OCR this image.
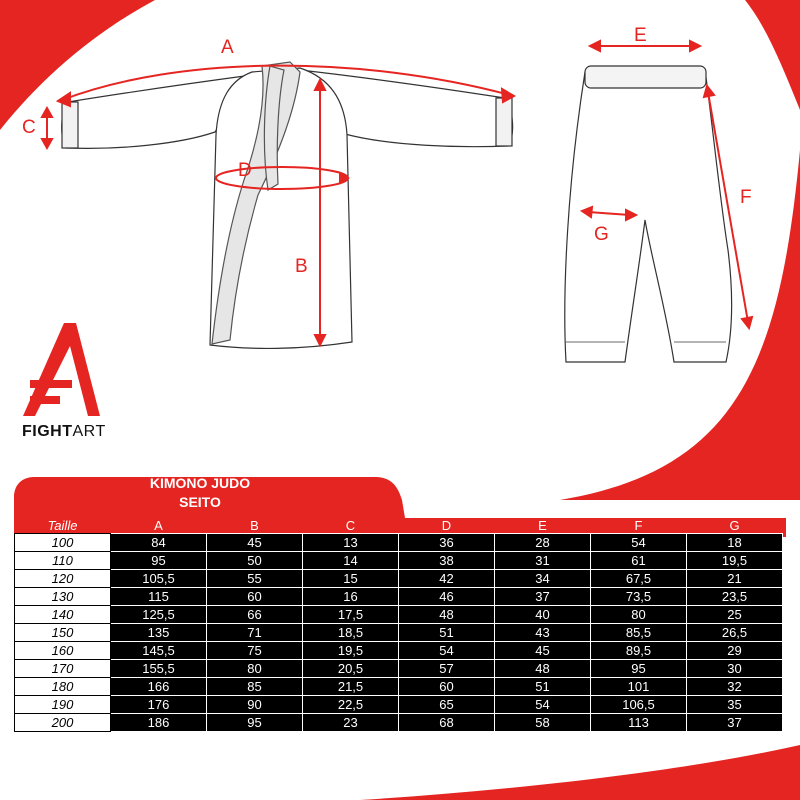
A
B
C
D
E
F
G
FIGHTART
KIMONO JUDO
SEITO
Taille	A	B	C	D	E	F	G
100	84	45	13	36	28	54	18
110	95	50	14	38	31	61	19,5
120	105,5	55	15	42	34	67,5	21
130	115	60	16	46	37	73,5	23,5
140	125,5	66	17,5	48	40	80	25
150	135	71	18,5	51	43	85,5	26,5
160	145,5	75	19,5	54	45	89,5	29
170	155,5	80	20,5	57	48	95	30
180	166	85	21,5	60	51	101	32
190	176	90	22,5	65	54	106,5	35
200	186	95	23	68	58	113	37
